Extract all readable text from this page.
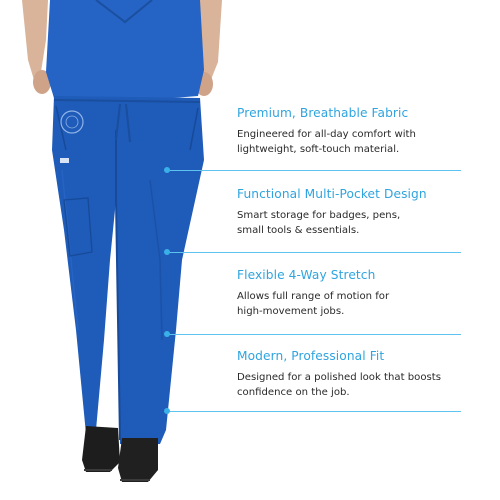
Premium, Breathable Fabric
Engineered for all-day comfort with
lightweight, soft-touch material.
Functional Multi-Pocket Design
Smart storage for badges, pens,
small tools & essentials.
Flexible 4-Way Stretch
Allows full range of motion for
high-movement jobs.
Modern, Professional Fit
Designed for a polished look that boosts
confidence on the job.
